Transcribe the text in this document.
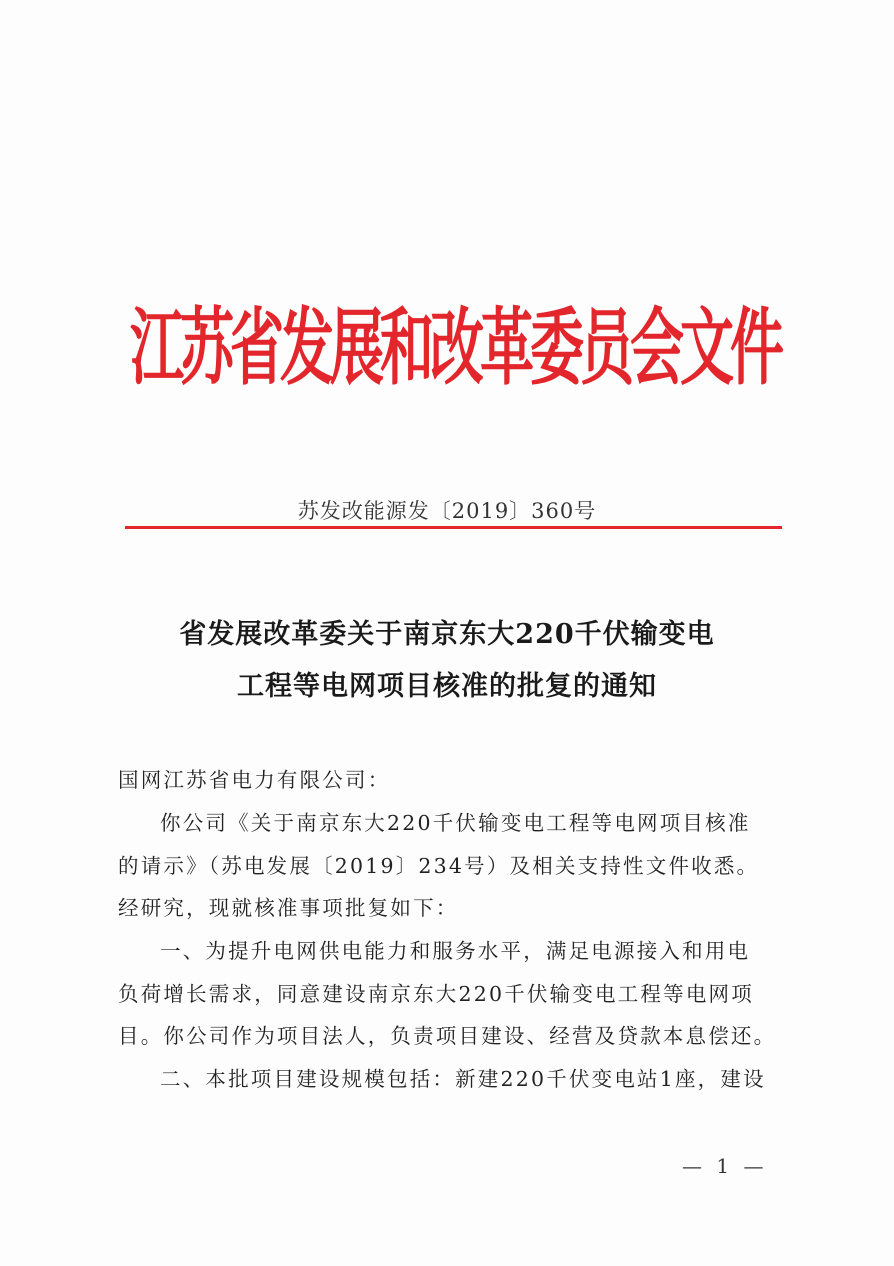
江苏省发展和改革委员会文件
苏发改能源发〔2019〕360号
省发展改革委关于南京东大220千伏输变电
工程等电网项目核准的批复的通知
国网江苏省电力有限公司：
你公司《关于南京东大220千伏输变电工程等电网项目核准
的请示》（苏电发展〔2019〕234号）及相关支持性文件收悉。
经研究，现就核准事项批复如下：
一、为提升电网供电能力和服务水平，满足电源接入和用电
负荷增长需求，同意建设南京东大220千伏输变电工程等电网项
目。你公司作为项目法人，负责项目建设、经营及贷款本息偿还。
二、本批项目建设规模包括：新建220千伏变电站1座，建设
— 1 —
